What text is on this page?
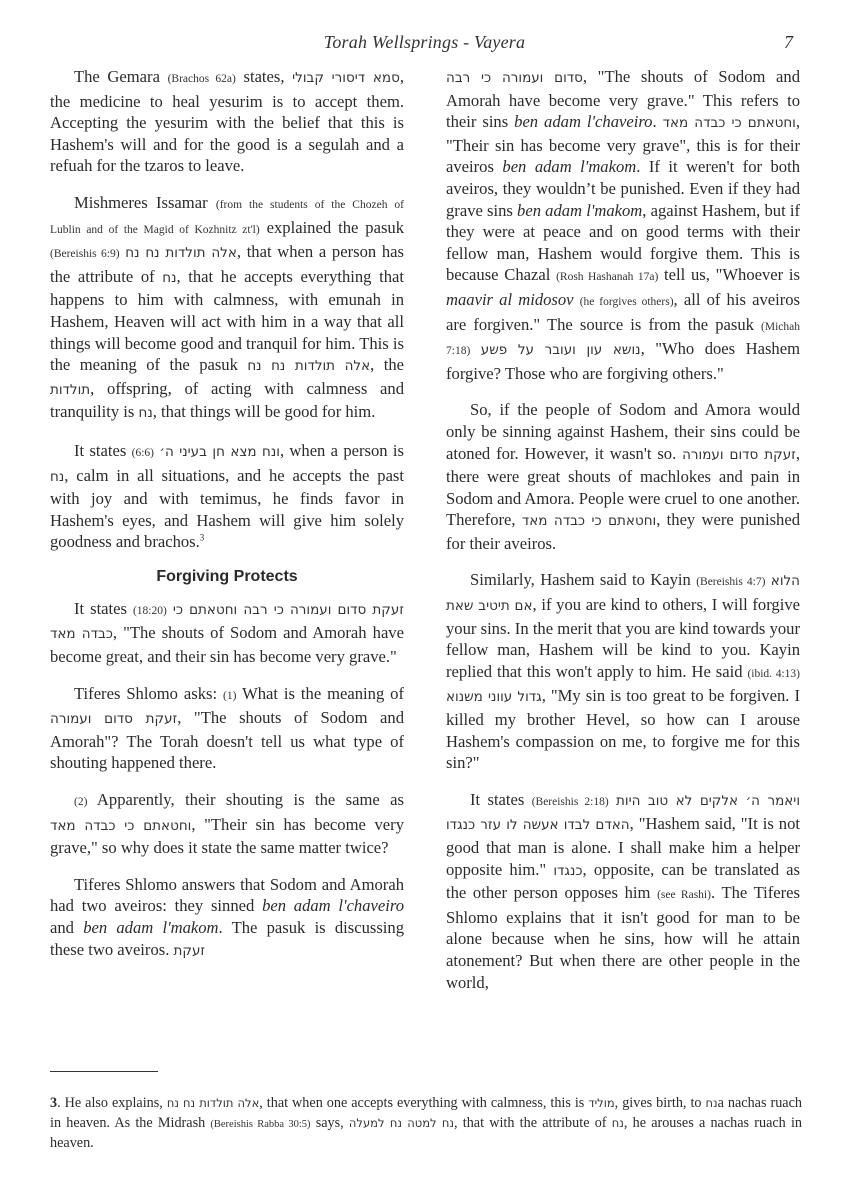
Torah Wellsprings - Vayera	7

The Gemara (Brachos 62a) states, סמא דיסורי קבולי, the medicine to heal yesurim is to accept them. Accepting the yesurim with the belief that this is Hashem's will and for the good is a segulah and a refuah for the tzaros to leave.

Mishmeres Issamar (from the students of the Chozeh of Lublin and of the Magid of Kozhnitz zt'l) explained the pasuk (Bereishis 6:9) אלה תולדות נח נח, that when a person has the attribute of נח, that he accepts everything that happens to him with calmness, with emunah in Hashem, Heaven will act with him in a way that all things will become good and tranquil for him. This is the meaning of the pasuk אלה תולדות נח נח, the תולדות, offspring, of acting with calmness and tranquility is נח, that things will be good for him.

It states (6:6) ונח מצא חן בעיני ה׳, when a person is נח, calm in all situations, and he accepts the past with joy and with temimus, he finds favor in Hashem's eyes, and Hashem will give him solely goodness and brachos.$^3$

Forgiving Protects

It states (18:20) זעקת סדום ועמורה כי רבה וחטאתם כי כבדה מאד, "The shouts of Sodom and Amorah have become great, and their sin has become very grave."

Tiferes Shlomo asks: (1) What is the meaning of זעקת סדום ועמורה, "The shouts of Sodom and Amorah"? The Torah doesn't tell us what type of shouting happened there.

(2) Apparently, their shouting is the same as וחטאתם כי כבדה מאד, "Their sin has become very grave," so why does it state the same matter twice?

Tiferes Shlomo answers that Sodom and Amorah had two aveiros: they sinned ben adam l'chaveiro and ben adam l'makom. The pasuk is discussing these two aveiros. זעקת

סדום ועמורה כי רבה, "The shouts of Sodom and Amorah have become very grave." This refers to their sins ben adam l'chaveiro. וחטאתם כי כבדה מאד, "Their sin has become very grave", this is for their aveiros ben adam l'makom. If it weren't for both aveiros, they wouldn’t be punished. Even if they had grave sins ben adam l'makom, against Hashem, but if they were at peace and on good terms with their fellow man, Hashem would forgive them. This is because Chazal (Rosh Hashanah 17a) tell us, "Whoever is maavir al midosov (he forgives others), all of his aveiros are forgiven." The source is from the pasuk (Michah 7:18) נושא עון ועובר על פשע, "Who does Hashem forgive? Those who are forgiving others."

So, if the people of Sodom and Amora would only be sinning against Hashem, their sins could be atoned for. However, it wasn't so. זעקת סדום ועמורה, there were great shouts of machlokes and pain in Sodom and Amora. People were cruel to one another. Therefore, וחטאתם כי כבדה מאד, they were punished for their aveiros.

Similarly, Hashem said to Kayin (Bereishis 4:7) הלוא אם תיטיב שאת, if you are kind to others, I will forgive your sins. In the merit that you are kind towards your fellow man, Hashem will be kind to you. Kayin replied that this won't apply to him. He said (ibid. 4:13) גדול עווני משנוא, "My sin is too great to be forgiven. I killed my brother Hevel, so how can I arouse Hashem's compassion on me, to forgive me for this sin?"

It states (Bereishis 2:18) ויאמר ה׳ אלקים לא טוב היות האדם לבדו אעשה לו עזר כנגדו, "Hashem said, "It is not good that man is alone. I shall make him a helper opposite him." כנגדו, opposite, can be translated as the other person opposes him (see Rashi). The Tiferes Shlomo explains that it isn't good for man to be alone because when he sins, how will he attain atonement? But when there are other people in the world,

3. He also explains, אלה תולדות נח נח, that when one accepts everything with calmness, this is מוליד, gives birth, to נחa nachas ruach in heaven. As the Midrash (Bereishis Rabba 30:5) says, נח למטה נח למעלה, that with the attribute of נח, he arouses a nachas ruach in heaven.
